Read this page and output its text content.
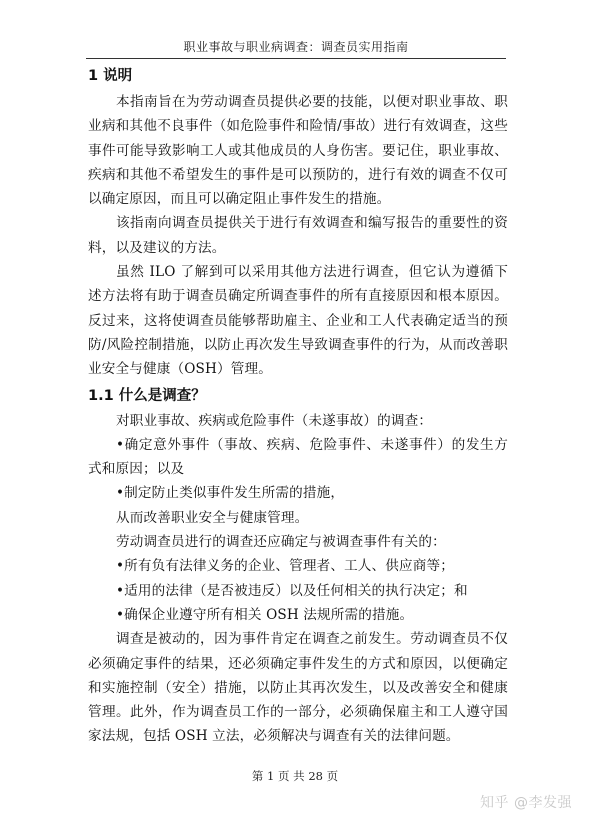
职业事故与职业病调查：调查员实用指南
1 说明

本指南旨在为劳动调查员提供必要的技能，以便对职业事故、职业病和其他不良事件（如危险事件和险情/事故）进行有效调查，这些事件可能导致影响工人或其他成员的人身伤害。要记住，职业事故、疾病和其他不希望发生的事件是可以预防的，进行有效的调查不仅可以确定原因，而且可以确定阻止事件发生的措施。

该指南向调查员提供关于进行有效调查和编写报告的重要性的资料，以及建议的方法。

虽然 ILO 了解到可以采用其他方法进行调查，但它认为遵循下述方法将有助于调查员确定所调查事件的所有直接原因和根本原因。反过来，这将使调查员能够帮助雇主、企业和工人代表确定适当的预防/风险控制措施，以防止再次发生导致调查事件的行为，从而改善职业安全与健康（OSH）管理。

1.1 什么是调查？

对职业事故、疾病或危险事件（未遂事故）的调查：

•确定意外事件（事故、疾病、危险事件、未遂事件）的发生方式和原因；以及

•制定防止类似事件发生所需的措施，

从而改善职业安全与健康管理。

劳动调查员进行的调查还应确定与被调查事件有关的：

•所有负有法律义务的企业、管理者、工人、供应商等；

•适用的法律（是否被违反）以及任何相关的执行决定；和

•确保企业遵守所有相关 OSH 法规所需的措施。

调查是被动的，因为事件肯定在调查之前发生。劳动调查员不仅必须确定事件的结果，还必须确定事件发生的方式和原因，以便确定和实施控制（安全）措施，以防止其再次发生，以及改善安全和健康管理。此外，作为调查员工作的一部分，必须确保雇主和工人遵守国家法规，包括 OSH 立法，必须解决与调查有关的法律问题。

第 1 页 共 28 页
知乎 @李发强
